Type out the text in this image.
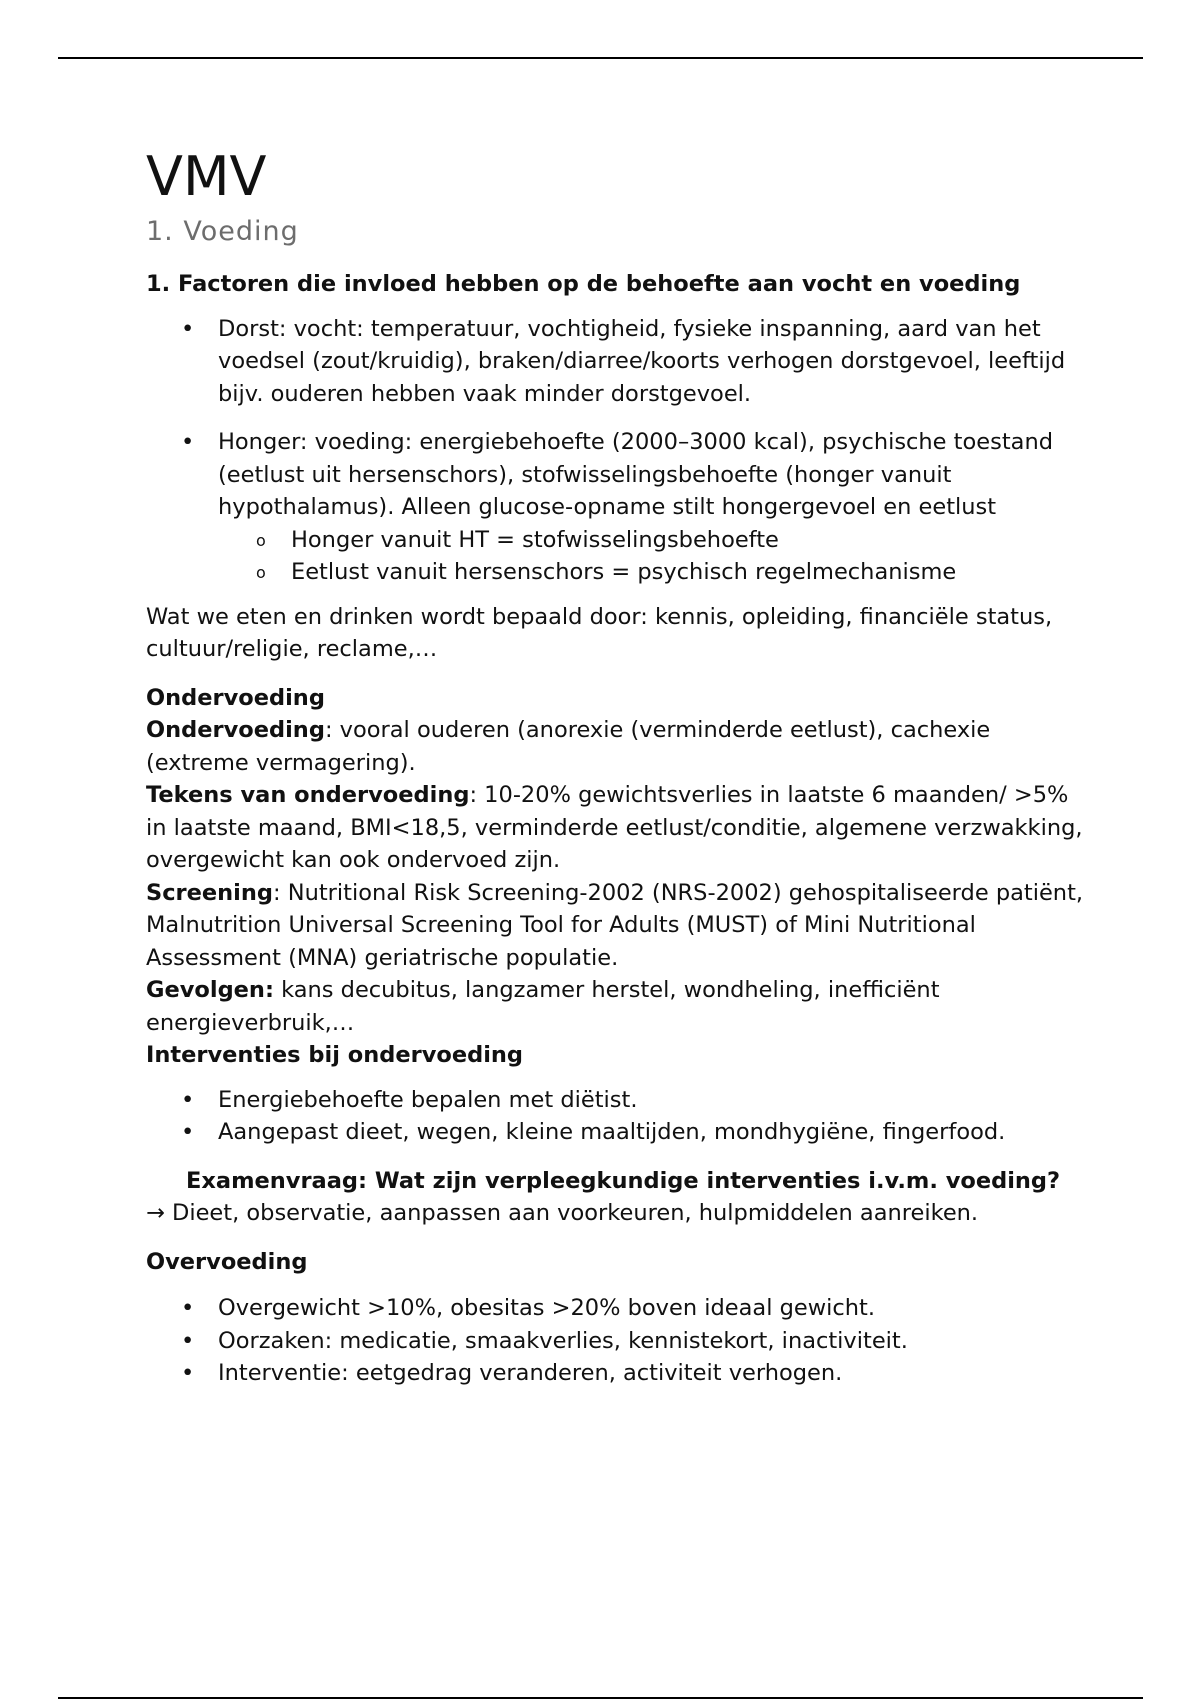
VMV
1. Voeding
1. Factoren die invloed hebben op de behoefte aan vocht en voeding
• Dorst: vocht: temperatuur, vochtigheid, fysieke inspanning, aard van het voedsel (zout/kruidig), braken/diarree/koorts verhogen dorstgevoel, leeftijd bijv. ouderen hebben vaak minder dorstgevoel.
• Honger: voeding: energiebehoefte (2000–3000 kcal), psychische toestand (eetlust uit hersenschors), stofwisselingsbehoefte (honger vanuit hypothalamus). Alleen glucose-opname stilt hongergevoel en eetlust
o Honger vanuit HT = stofwisselingsbehoefte
o Eetlust vanuit hersenschors = psychisch regelmechanisme

Wat we eten en drinken wordt bepaald door: kennis, opleiding, financiële status, cultuur/religie, reclame,…

Ondervoeding

Ondervoeding: vooral ouderen (anorexie (verminderde eetlust), cachexie (extreme vermagering).

Tekens van ondervoeding: 10-20% gewichtsverlies in laatste 6 maanden/ >5% in laatste maand, BMI<18,5, verminderde eetlust/conditie, algemene verzwakking, overgewicht kan ook ondervoed zijn.

Screening: Nutritional Risk Screening-2002 (NRS-2002) gehospitaliseerde patiënt, Malnutrition Universal Screening Tool for Adults (MUST) of Mini Nutritional Assessment (MNA) geriatrische populatie.

Gevolgen: kans decubitus, langzamer herstel, wondheling, inefficiënt energieverbruik,…

Interventies bij ondervoeding
• Energiebehoefte bepalen met diëtist.
• Aangepast dieet, wegen, kleine maaltijden, mondhygiëne, fingerfood.

Examenvraag: Wat zijn verpleegkundige interventies i.v.m. voeding?

→ Dieet, observatie, aanpassen aan voorkeuren, hulpmiddelen aanreiken.

Overvoeding
• Overgewicht >10%, obesitas >20% boven ideaal gewicht.
• Oorzaken: medicatie, smaakverlies, kennistekort, inactiviteit.
• Interventie: eetgedrag veranderen, activiteit verhogen.
